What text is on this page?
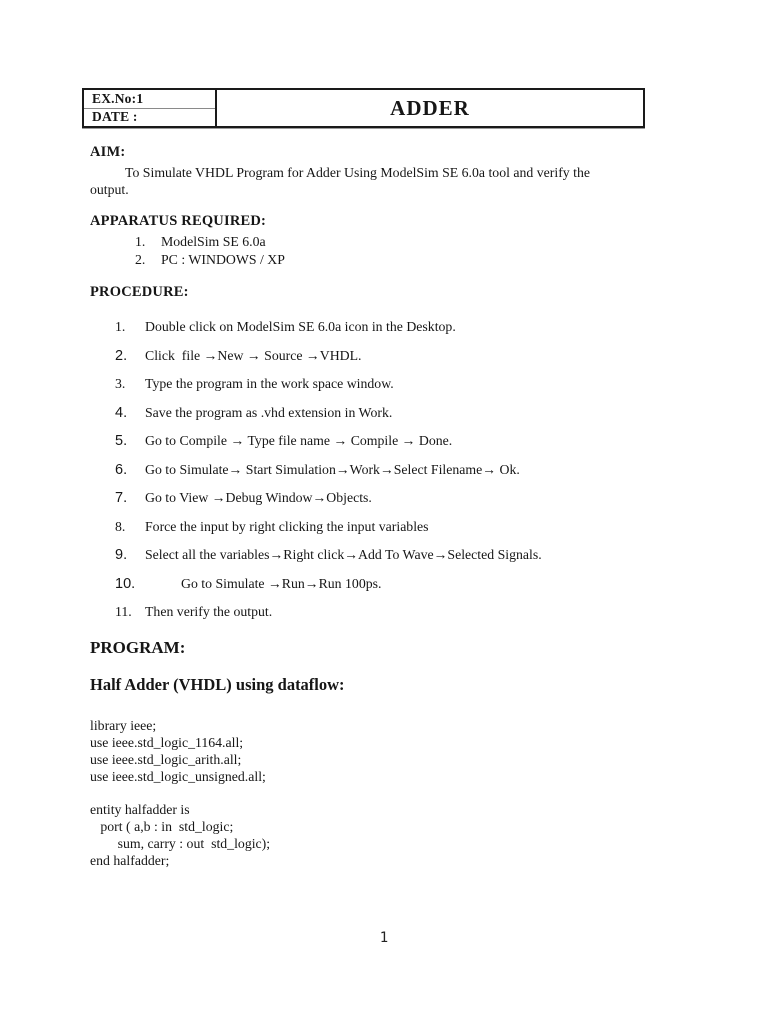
EX.No:1
DATE :	ADDER
AIM:
To Simulate VHDL Program for Adder Using ModelSim SE 6.0a tool and verify the
output.
APPARATUS REQUIRED:
1.	ModelSim SE 6.0a
2.	PC : WINDOWS / XP
PROCEDURE:
1.	Double click on ModelSim SE 6.0a icon in the Desktop.
2.	Click  file →New → Source →VHDL.
3.	Type the program in the work space window.
4.	Save the program as .vhd extension in Work.
5.	Go to Compile → Type file name → Compile → Done.
6.	Go to Simulate→ Start Simulation→Work→Select Filename→ Ok.
7.	Go to View →Debug Window→Objects.
8.	Force the input by right clicking the input variables
9.	Select all the variables→Right click→Add To Wave→Selected Signals.
10.	Go to Simulate →Run→Run 100ps.
11. Then verify the output.
PROGRAM:
Half Adder (VHDL) using dataflow:
library ieee;
use ieee.std_logic_1164.all;
use ieee.std_logic_arith.all;
use ieee.std_logic_unsigned.all;
entity halfadder is
port ( a,b : in  std_logic;
sum, carry : out  std_logic);
end halfadder;
1
